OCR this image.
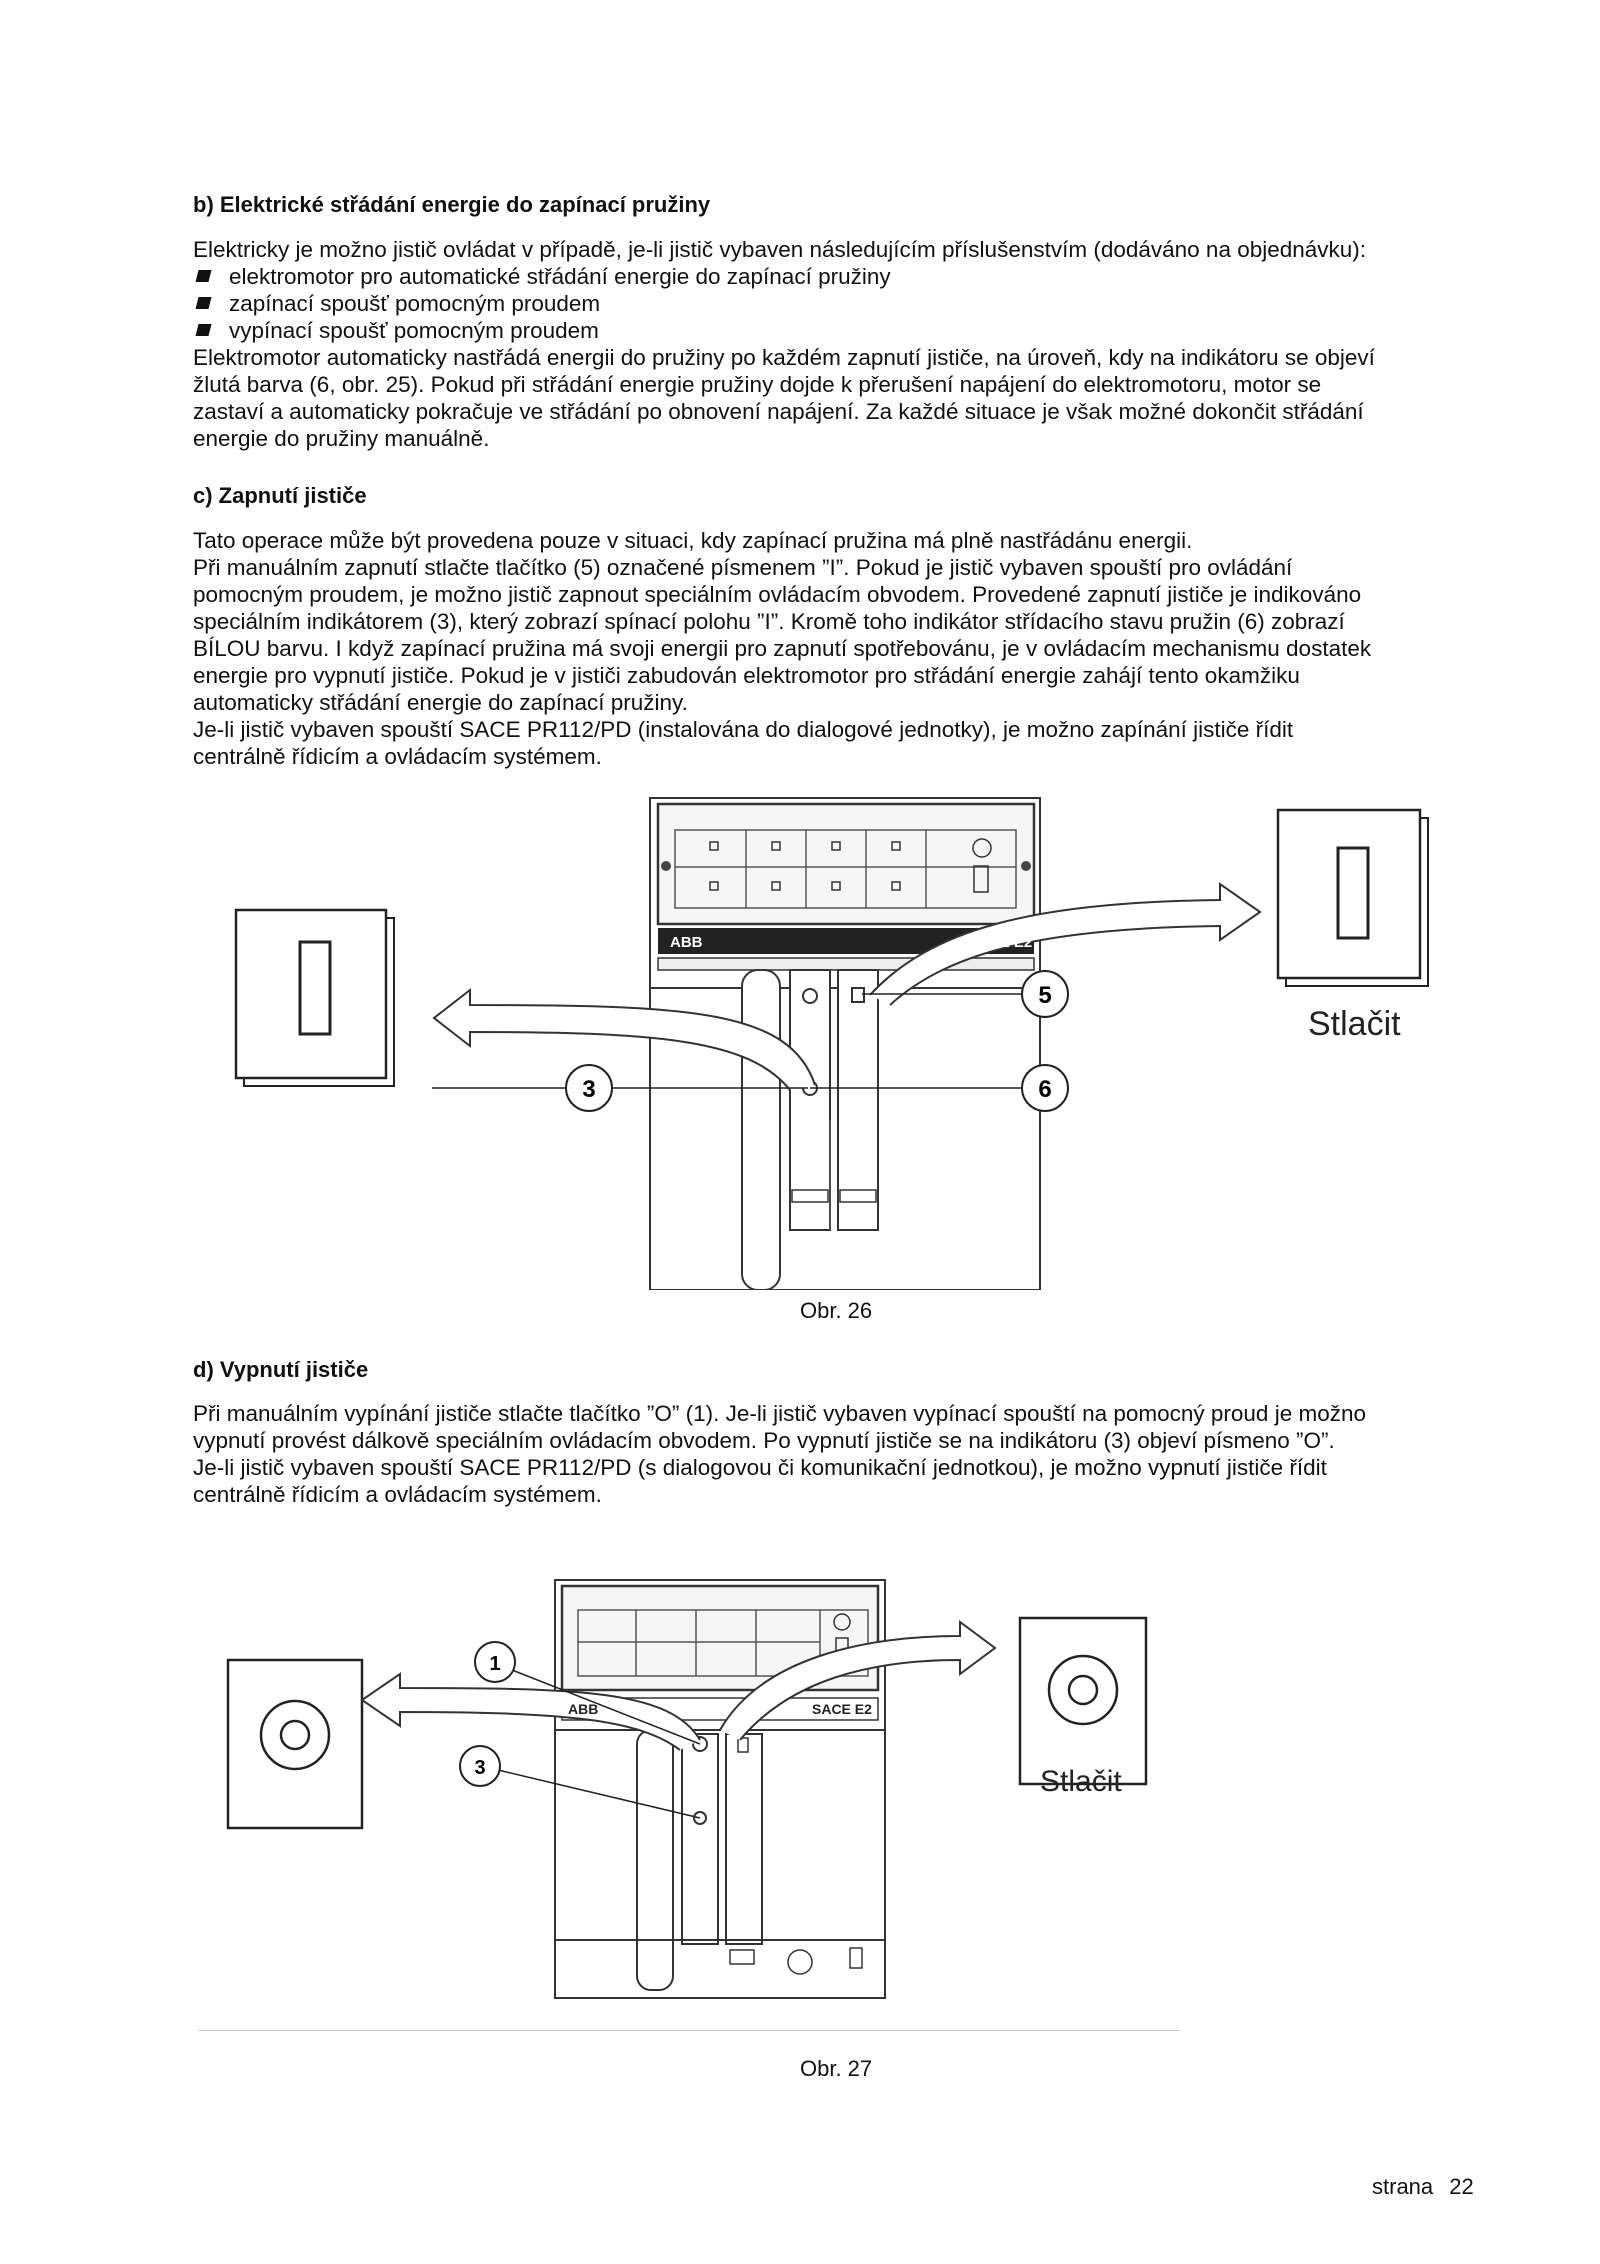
b) Elektrické střádání energie do zapínací pružiny

Elektricky je možno jistič ovládat v případě, je-li jistič vybaven následujícím příslušenstvím (dodáváno na objednávku):

elektromotor pro automatické střádání energie do zapínací pružiny
zapínací spoušť pomocným proudem
vypínací spoušť pomocným proudem

Elektromotor automaticky nastřádá energii do pružiny po každém zapnutí jističe, na úroveň, kdy na indikátoru se objeví

žlutá barva (6, obr. 25). Pokud při střádání energie pružiny dojde k přerušení napájení do elektromotoru, motor se

zastaví a automaticky pokračuje ve střádání po obnovení napájení. Za každé situace je však možné dokončit střádání

energie do pružiny manuálně.

c) Zapnutí jističe

Tato operace může být provedena pouze v situaci, kdy zapínací pružina má plně nastřádánu energii.

Při manuálním zapnutí stlačte tlačítko (5) označené písmenem ”I”. Pokud je jistič vybaven spouští pro ovládání

pomocným proudem, je možno jistič zapnout speciálním ovládacím obvodem. Provedené zapnutí jističe je indikováno

speciálním indikátorem (3), který zobrazí spínací polohu ”I”. Kromě toho indikátor střídacího stavu pružin (6) zobrazí

BÍLOU barvu. I když zapínací pružina má svoji energii pro zapnutí spotřebovánu, je v ovládacím mechanismu dostatek

energie pro vypnutí jističe. Pokud je v jističi zabudován elektromotor pro střádání energie zahájí tento okamžiku

automaticky střádání energie do zapínací pružiny.

Je-li jistič vybaven spouští SACE PR112/PD (instalována do dialogové jednotky), je možno zapínání jističe řídit

centrálně řídicím a ovládacím systémem.

5
3	6
ABB	SACE E2
Stlačit
Obr. 26
d) Vypnutí jističe

Při manuálním vypínání jističe stlačte tlačítko ”O” (1). Je-li jistič vybaven vypínací spouští na pomocný proud je možno

vypnutí provést dálkově speciálním ovládacím obvodem. Po vypnutí jističe se na indikátoru (3) objeví písmeno ”O”.

Je-li jistič vybaven spouští SACE PR112/PD (s dialogovou či komunikační jednotkou), je možno vypnutí jističe řídit

centrálně řídicím a ovládacím systémem.

1
3
ABB	SACE E2
Stlačit
Obr. 27
strana 22
